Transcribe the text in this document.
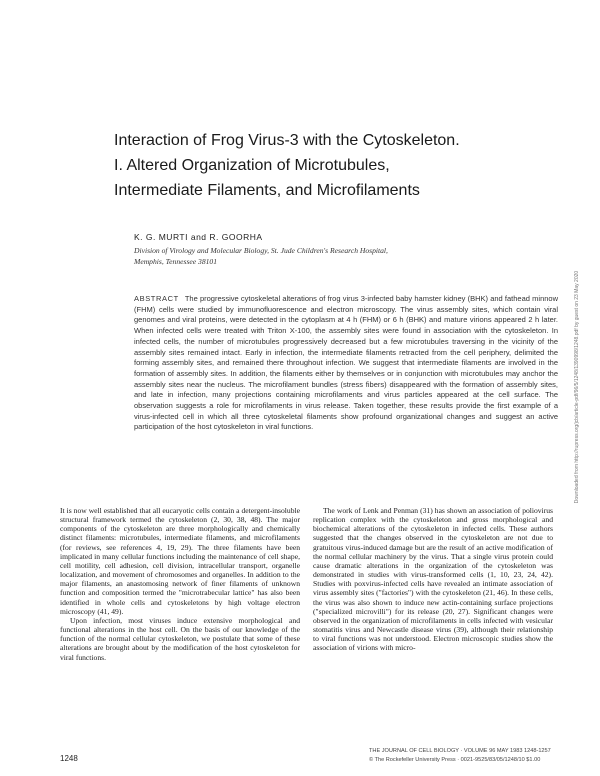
Interaction of Frog Virus-3 with the Cytoskeleton.
I. Altered Organization of Microtubules,
Intermediate Filaments, and Microfilaments
K. G. MURTI and R. GOORHA
Division of Virology and Molecular Biology, St. Jude Children's Research Hospital,
Memphis, Tennessee 38101
Downloaded from http://rupress.org/jcb/article-pdf/96/5/1248/1390998/1248.pdf by guest on 23 May 2020

ABSTRACT The progressive cytoskeletal alterations of frog virus 3-infected baby hamster kidney (BHK) and fathead minnow (FHM) cells were studied by immunofluorescence and electron microscopy. The virus assembly sites, which contain viral genomes and viral proteins, were detected in the cytoplasm at 4 h (FHM) or 6 h (BHK) and mature virions appeared 2 h later. When infected cells were treated with Triton X-100, the assembly sites were found in association with the cytoskeleton. In infected cells, the number of microtubules progressively decreased but a few microtubules traversing in the vicinity of the assembly sites remained intact. Early in infection, the intermediate filaments retracted from the cell periphery, delimited the forming assembly sites, and remained there throughout infection. We suggest that intermediate filaments are involved in the formation of assembly sites. In addition, the filaments either by themselves or in conjunction with microtubules may anchor the assembly sites near the nucleus. The microfilament bundles (stress fibers) disappeared with the formation of assembly sites, and late in infection, many projections containing microfilaments and virus particles appeared at the cell surface. The observation suggests a role for microfilaments in virus release. Taken together, these results provide the first example of a virus-infected cell in which all three cytoskeletal filaments show profound organizational changes and suggest an active participation of the host cytoskeleton in viral functions.

It is now well established that all eucaryotic cells contain a detergent-insoluble structural framework termed the cytoskeleton (2, 30, 38, 48). The major components of the cytoskeleton are three morphologically and chemically distinct filaments: microtubules, intermediate filaments, and microfilaments (for reviews, see references 4, 19, 29). The three filaments have been implicated in many cellular functions including the maintenance of cell shape, cell motility, cell adhesion, cell division, intracellular transport, organelle localization, and movement of chromosomes and organelles. In addition to the major filaments, an anastomosing network of finer filaments of unknown function and composition termed the "microtrabecular lattice" has also been identified in whole cells and cytoskeletons by high voltage electron microscopy (41, 49).

Upon infection, most viruses induce extensive morphological and functional alterations in the host cell. On the basis of our knowledge of the function of the normal cellular cytoskeleton, we postulate that some of these alterations are brought about by the modification of the host cytoskeleton for viral functions.

The work of Lenk and Penman (31) has shown an association of poliovirus replication complex with the cytoskeleton and gross morphological and biochemical alterations of the cytoskeleton in infected cells. These authors suggested that the changes observed in the cytoskeleton are not due to gratuitous virus-induced damage but are the result of an active modification of the normal cellular machinery by the virus. That a single virus protein could cause dramatic alterations in the organization of the cytoskeleton was demonstrated in studies with virus-transformed cells (1, 10, 23, 24, 42). Studies with poxvirus-infected cells have revealed an intimate association of virus assembly sites ("factories") with the cytoskeleton (21, 46). In these cells, the virus was also shown to induce new actin-containing surface projections ("specialized microvilli") for its release (20, 27). Significant changes were observed in the organization of microfilaments in cells infected with vesicular stomatitis virus and Newcastle disease virus (39), although their relationship to viral functions was not understood. Electron microscopic studies show the association of virions with micro-

THE JOURNAL OF CELL BIOLOGY · VOLUME 96 MAY 1983 1248-1257
© The Rockefeller University Press · 0021-9525/83/05/1248/10 $1.00
1248
